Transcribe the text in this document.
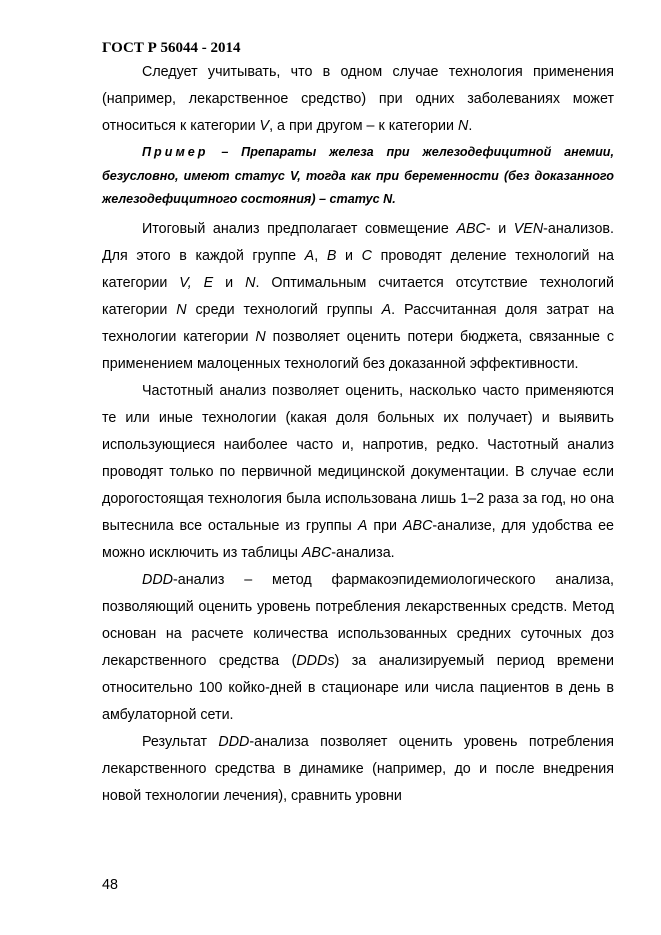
ГОСТ Р 56044 - 2014

Следует учитывать, что в одном случае технология применения (например, лекарственное средство) при одних заболеваниях может относиться к категории V, а при другом – к категории N.

Пример – Препараты железа при железодефицитной анемии, безусловно, имеют статус V, тогда как при беременности (без доказанного железодефицитного состояния) – статус N.

Итоговый анализ предполагает совмещение ABC- и VEN-анализов. Для этого в каждой группе A, B и C проводят деление технологий на категории V, E и N. Оптимальным считается отсутствие технологий категории N среди технологий группы A. Рассчитанная доля затрат на технологии категории N позволяет оценить потери бюджета, связанные с применением малоценных технологий без доказанной эффективности.

Частотный анализ позволяет оценить, насколько часто применяются те или иные технологии (какая доля больных их получает) и выявить использующиеся наиболее часто и, напротив, редко. Частотный анализ проводят только по первичной медицинской документации. В случае если дорогостоящая технология была использована лишь 1–2 раза за год, но она вытеснила все остальные из группы A при ABC-анализе, для удобства ее можно исключить из таблицы ABC-анализа.

DDD-анализ – метод фармакоэпидемиологического анализа, позволяющий оценить уровень потребления лекарственных средств. Метод основан на расчете количества использованных средних суточных доз лекарственного средства (DDDs) за анализируемый период времени относительно 100 койко-дней в стационаре или числа пациентов в день в амбулаторной сети.

Результат DDD-анализа позволяет оценить уровень потребления лекарственного средства в динамике (например, до и после внедрения новой технологии лечения), сравнить уровни

48
